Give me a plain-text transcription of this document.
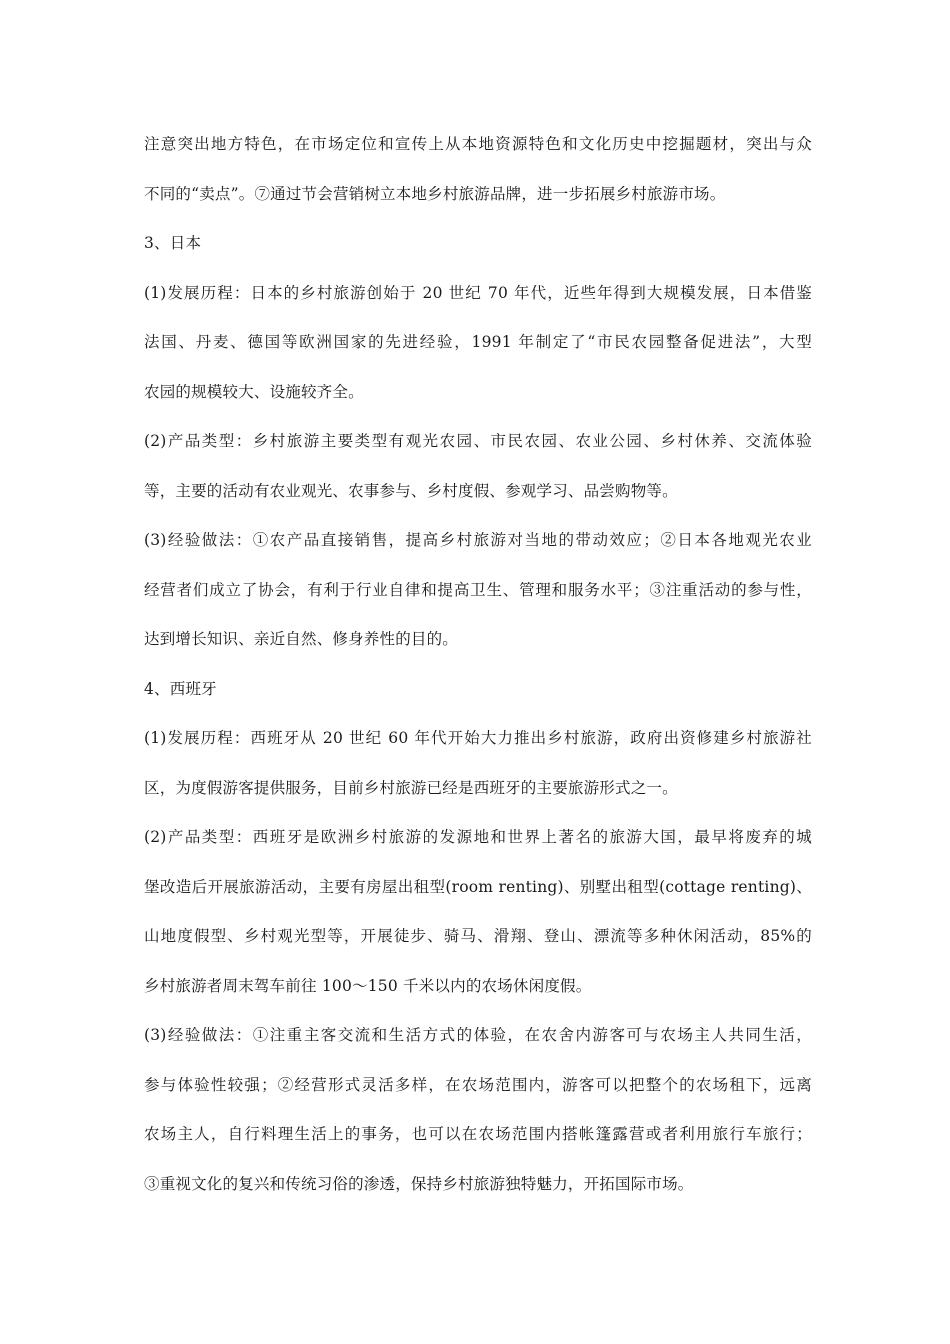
注意突出地方特色，在市场定位和宣传上从本地资源特色和文化历史中挖掘题材，突出与众
不同的“卖点”。⑦通过节会营销树立本地乡村旅游品牌，进一步拓展乡村旅游市场。
3、日本
(1)发展历程：日本的乡村旅游创始于 20 世纪 70 年代，近些年得到大规模发展，日本借鉴
法国、丹麦、德国等欧洲国家的先进经验，1991 年制定了“市民农园整备促进法”，大型
农园的规模较大、设施较齐全。
(2)产品类型：乡村旅游主要类型有观光农园、市民农园、农业公园、乡村休养、交流体验
等，主要的活动有农业观光、农事参与、乡村度假、参观学习、品尝购物等。
(3)经验做法：①农产品直接销售，提高乡村旅游对当地的带动效应；②日本各地观光农业
经营者们成立了协会，有利于行业自律和提高卫生、管理和服务水平；③注重活动的参与性，
达到增长知识、亲近自然、修身养性的目的。
4、西班牙
(1)发展历程：西班牙从 20 世纪 60 年代开始大力推出乡村旅游，政府出资修建乡村旅游社
区，为度假游客提供服务，目前乡村旅游已经是西班牙的主要旅游形式之一。
(2)产品类型：西班牙是欧洲乡村旅游的发源地和世界上著名的旅游大国，最早将废弃的城
堡改造后开展旅游活动，主要有房屋出租型(room renting)、别墅出租型(cottage renting)、
山地度假型、乡村观光型等，开展徒步、骑马、滑翔、登山、漂流等多种休闲活动，85%的
乡村旅游者周末驾车前往 100～150 千米以内的农场休闲度假。
(3)经验做法：①注重主客交流和生活方式的体验，在农舍内游客可与农场主人共同生活，
参与体验性较强；②经营形式灵活多样，在农场范围内，游客可以把整个的农场租下，远离
农场主人，自行料理生活上的事务，也可以在农场范围内搭帐篷露营或者利用旅行车旅行；
③重视文化的复兴和传统习俗的渗透，保持乡村旅游独特魅力，开拓国际市场。
